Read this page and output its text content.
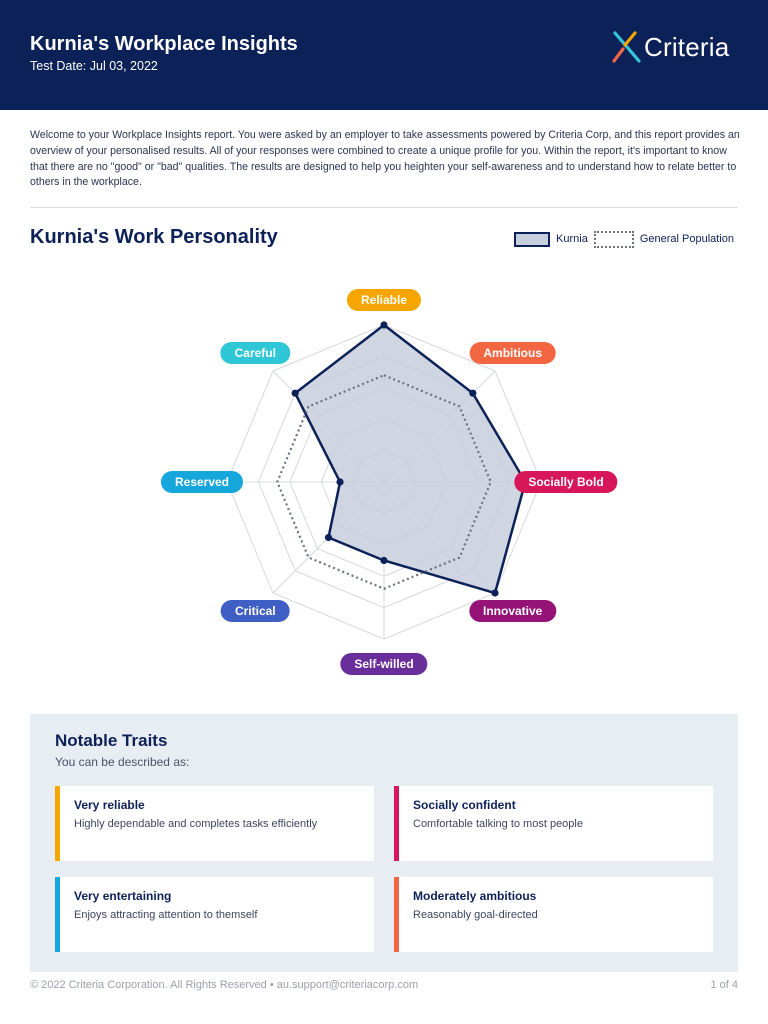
Kurnia's Workplace Insights
Test Date: Jul 03, 2022
Criteria
Welcome to your Workplace Insights report. You were asked by an employer to take assessments powered by Criteria Corp, and this report provides an overview of your personalised results. All of your responses were combined to create a unique profile for you. Within the report, it's important to know that there are no "good" or "bad" qualities. The results are designed to help you heighten your self-awareness and to understand how to relate better to others in the workplace.
Kurnia's Work Personality	Kurnia	General Population
Reliable
Ambitious
Socially Bold
Innovative
Self-willed
Critical
Reserved
Careful
Notable Traits
You can be described as:
Very reliable
Highly dependable and completes tasks efficiently
Socially confident
Comfortable talking to most people
Very entertaining
Enjoys attracting attention to themself
Moderately ambitious
Reasonably goal-directed
© 2022 Criteria Corporation. All Rights Reserved • au.support@criteriacorp.com	1 of 4
